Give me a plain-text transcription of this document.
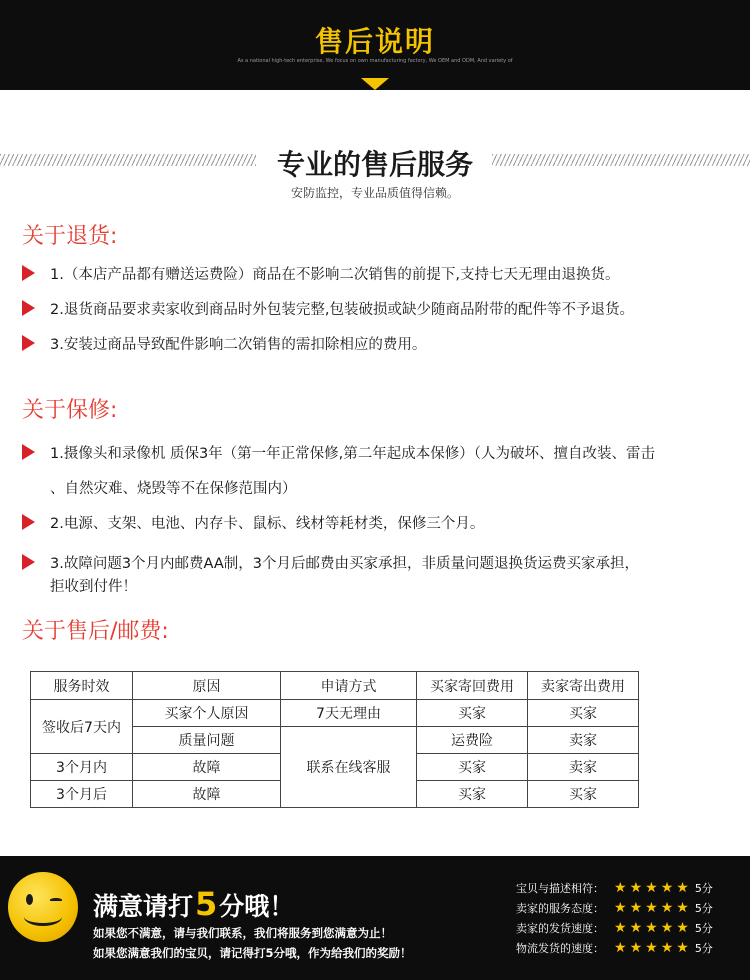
售后说明
As a national high-tech enterprise, We focus on own manufacturing factory, We OEM and ODM, And variety of
专业的售后服务
安防监控，专业品质值得信赖。
关于退货:
1.（本店产品都有赠送运费险）商品在不影响二次销售的前提下,支持七天无理由退换货。
2.退货商品要求卖家收到商品时外包装完整,包装破损或缺少随商品附带的配件等不予退货。
3.安装过商品导致配件影响二次销售的需扣除相应的费用。
关于保修:
1.摄像头和录像机 质保3年（第一年正常保修,第二年起成本保修）（人为破坏、擅自改装、雷击
、自然灾难、烧毁等不在保修范围内）
2.电源、支架、电池、内存卡、鼠标、线材等耗材类，保修三个月。
3.故障问题3个月内邮费AA制，3个月后邮费由买家承担，非质量问题退换货运费买家承担，
拒收到付件！
关于售后/邮费:
服务时效	原因	申请方式	买家寄回费用	卖家寄出费用
签收后7天内	买家个人原因	7天无理由	买家	买家
	质量问题	联系在线客服	运费险	卖家
3个月内	故障		买家	卖家
3个月后	故障		买家	买家
满意请打5分哦！
如果您不满意，请与我们联系，我们将服务到您满意为止！
如果您满意我们的宝贝，请记得打5分哦，作为给我们的奖励！
宝贝与描述相符： ★ ★ ★ ★ ★ 5分
卖家的服务态度： ★ ★ ★ ★ ★ 5分
卖家的发货速度： ★ ★ ★ ★ ★ 5分
物流发货的速度： ★ ★ ★ ★ ★ 5分
